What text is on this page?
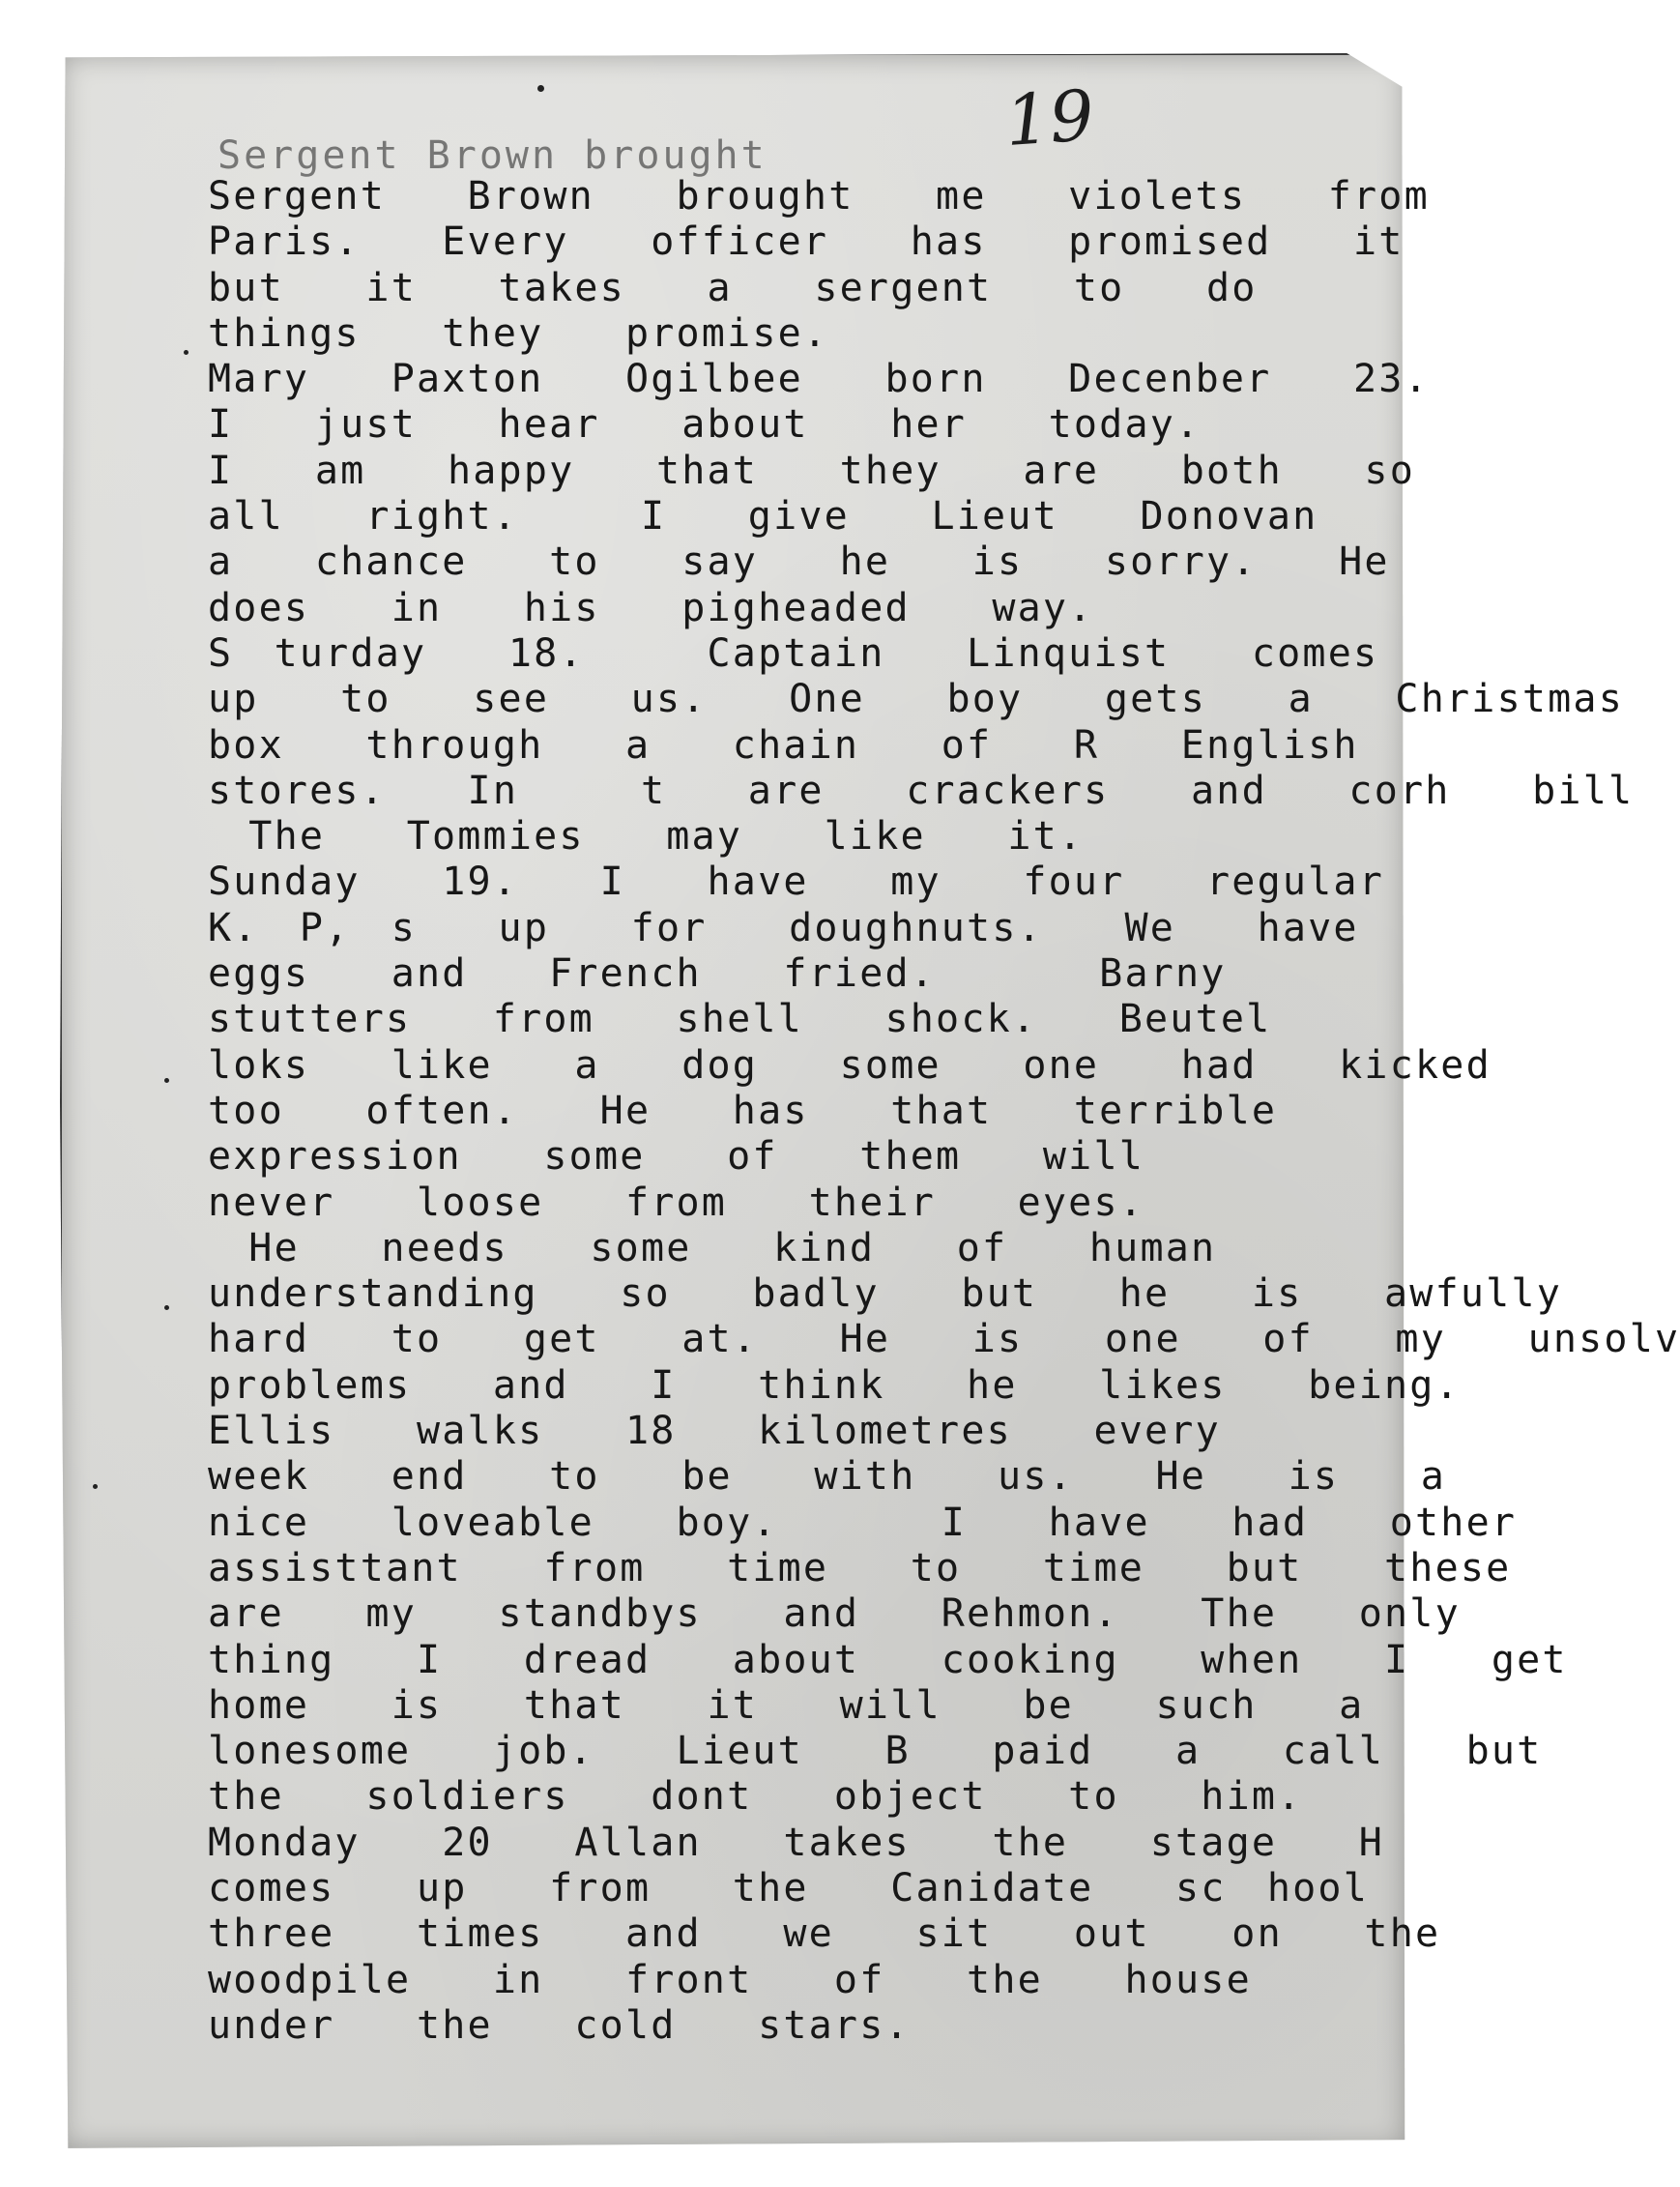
19
Sergent Brown brought
Sergent  Brown  brought  me  violets  from
Paris.  Every  officer  has  promised  it
but  it  takes  a  sergent  to  do
things  they  promise.
Mary  Paxton  Ogilbee  born  Decenber  23.
I  just  hear  about  her  today.
I  am  happy  that  they  are  both  so
all  right.   I  give  Lieut  Donovan
a  chance  to  say  he  is  sorry.  He
does  in  his  pigheaded  way.
S turday  18.   Captain  Linquist  comes
up  to  see  us.  One  boy  gets  a  Christmas
box  through  a  chain  of  R  English
stores.  In   t  are  crackers  and  corh  bill
The  Tommies  may  like  it.
Sunday  19.  I  have  my  four  regular
K. P, s  up  for  doughnuts.  We  have
eggs  and  French  fried.    Barny
stutters  from  shell  shock.  Beutel
loks  like  a  dog  some  one  had  kicked
too  often.  He  has  that  terrible
expression  some  of  them  will
never  loose  from  their  eyes.
He  needs  some  kind  of  human
understanding  so  badly  but  he  is  awfully
hard  to  get  at.  He  is  one  of  my  unsolv
problems  and  I  think  he  likes  being.
Ellis  walks  18  kilometres  every
week  end  to  be  with  us.  He  is  a
nice  loveable  boy.    I  have  had  other
assisttant  from  time  to  time  but  these
are  my  standbys  and  Rehmon.  The  only
thing  I  dread  about  cooking  when  I  get
home  is  that  it  will  be  such  a
lonesome  job.  Lieut  B  paid  a  call  but
the  soldiers  dont  object  to  him.
Monday  20  Allan  takes  the  stage  H
comes  up  from  the  Canidate  sc hool
three  times  and  we  sit  out  on  the
woodpile  in  front  of  the  house
under  the  cold  stars.
